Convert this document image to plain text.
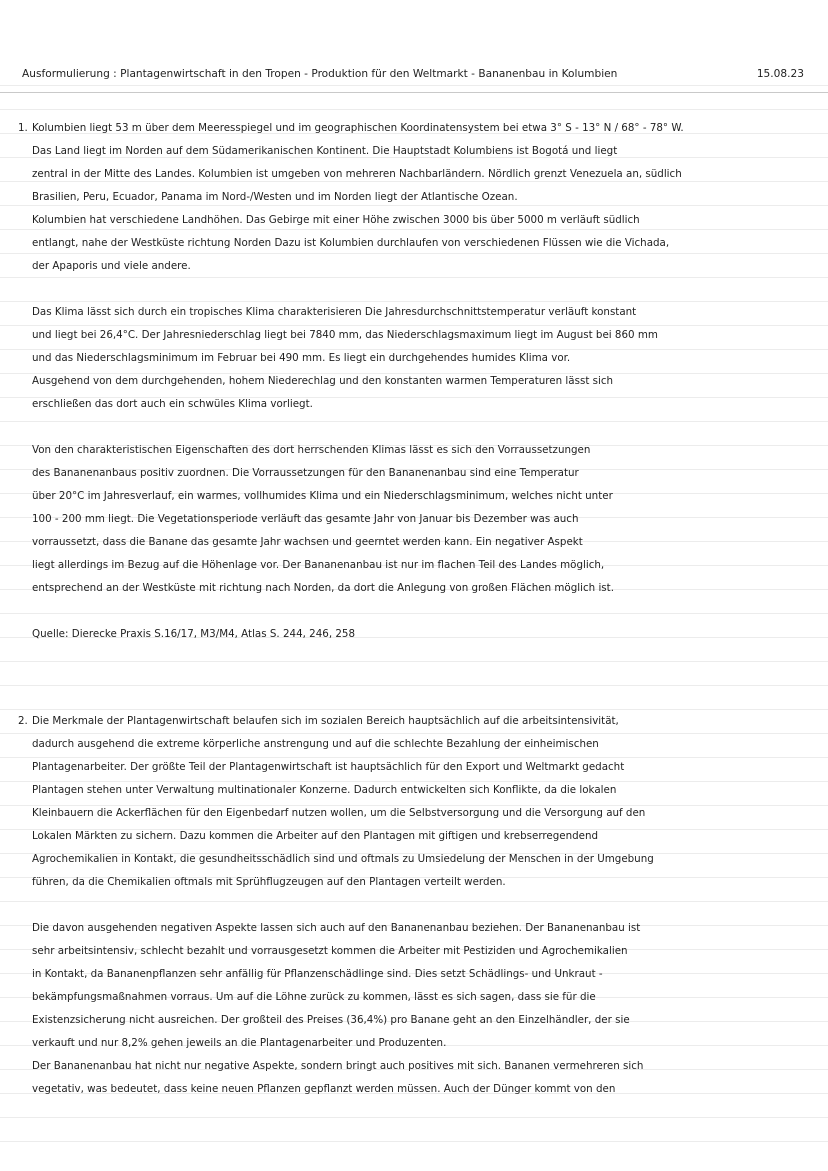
Ausformulierung : Plantagenwirtschaft in den Tropen - Produktion für den Weltmarkt - Bananenbau in Kolumbien	15.08.23
1. Kolumbien liegt 53 m über dem Meeresspiegel und im geographischen Koordinatensystem bei etwa 3° S - 13° N / 68° - 78° W.
Das Land liegt im Norden auf dem Südamerikanischen Kontinent. Die Hauptstadt Kolumbiens ist Bogotá und liegt
zentral in der Mitte des Landes. Kolumbien ist umgeben von mehreren Nachbarländern. Nördlich grenzt Venezuela an, südlich
Brasilien, Peru, Ecuador, Panama im Nord-/Westen und im Norden liegt der Atlantische Ozean.
Kolumbien hat verschiedene Landhöhen. Das Gebirge mit einer Höhe zwischen 3000 bis über 5000 m verläuft südlich
entlangt, nahe der Westküste richtung Norden Dazu ist Kolumbien durchlaufen von verschiedenen Flüssen wie die Vichada,
der Apaporis und viele andere.
Das Klima lässt sich durch ein tropisches Klima charakterisieren Die Jahresdurchschnittstemperatur verläuft konstant
und liegt bei 26,4°C. Der Jahresniederschlag liegt bei 7840 mm, das Niederschlagsmaximum liegt im August bei 860 mm
und das Niederschlagsminimum im Februar bei 490 mm. Es liegt ein durchgehendes humides Klima vor.
Ausgehend von dem durchgehenden, hohem Niederechlag und den konstanten warmen Temperaturen lässt sich
erschließen das dort auch ein schwüles Klima vorliegt.
Von den charakteristischen Eigenschaften des dort herrschenden Klimas lässt es sich den Vorraussetzungen
des Bananenanbaus positiv zuordnen. Die Vorraussetzungen für den Bananenanbau sind eine Temperatur
über 20°C im Jahresverlauf, ein warmes, vollhumides Klima und ein Niederschlagsminimum, welches nicht unter
100 - 200 mm liegt. Die Vegetationsperiode verläuft das gesamte Jahr von Januar bis Dezember was auch
vorraussetzt, dass die Banane das gesamte Jahr wachsen und geerntet werden kann. Ein negativer Aspekt
liegt allerdings im Bezug auf die Höhenlage vor. Der Bananenanbau ist nur im flachen Teil des Landes möglich,
entsprechend an der Westküste mit richtung nach Norden, da dort die Anlegung von großen Flächen möglich ist.
Quelle: Dierecke Praxis S.16/17, M3/M4, Atlas S. 244, 246, 258
2. Die Merkmale der Plantagenwirtschaft belaufen sich im sozialen Bereich hauptsächlich auf die arbeitsintensivität,
dadurch ausgehend die extreme körperliche anstrengung und auf die schlechte Bezahlung der einheimischen
Plantagenarbeiter. Der größte Teil der Plantagenwirtschaft ist hauptsächlich für den Export und Weltmarkt gedacht
Plantagen stehen unter Verwaltung multinationaler Konzerne. Dadurch entwickelten sich Konflikte, da die lokalen
Kleinbauern die Ackerflächen für den Eigenbedarf nutzen wollen, um die Selbstversorgung und die Versorgung auf den
Lokalen Märkten zu sichern. Dazu kommen die Arbeiter auf den Plantagen mit giftigen und krebserregendend
Agrochemikalien in Kontakt, die gesundheitsschädlich sind und oftmals zu Umsiedelung der Menschen in der Umgebung
führen, da die Chemikalien oftmals mit Sprühflugzeugen auf den Plantagen verteilt werden.
Die davon ausgehenden negativen Aspekte lassen sich auch auf den Bananenanbau beziehen. Der Bananenanbau ist
sehr arbeitsintensiv, schlecht bezahlt und vorrausgesetzt kommen die Arbeiter mit Pestiziden und Agrochemikalien
in Kontakt, da Bananenpflanzen sehr anfällig für Pflanzenschädlinge sind. Dies setzt Schädlings- und Unkraut -
bekämpfungsmaßnahmen vorraus. Um auf die Löhne zurück zu kommen, lässt es sich sagen, dass sie für die
Existenzsicherung nicht ausreichen. Der großteil des Preises (36,4%) pro Banane geht an den Einzelhändler, der sie
verkauft und nur 8,2% gehen jeweils an die Plantagenarbeiter und Produzenten.
Der Bananenanbau hat nicht nur negative Aspekte, sondern bringt auch positives mit sich. Bananen vermehreren sich
vegetativ, was bedeutet, dass keine neuen Pflanzen gepflanzt werden müssen. Auch der Dünger kommt von den
